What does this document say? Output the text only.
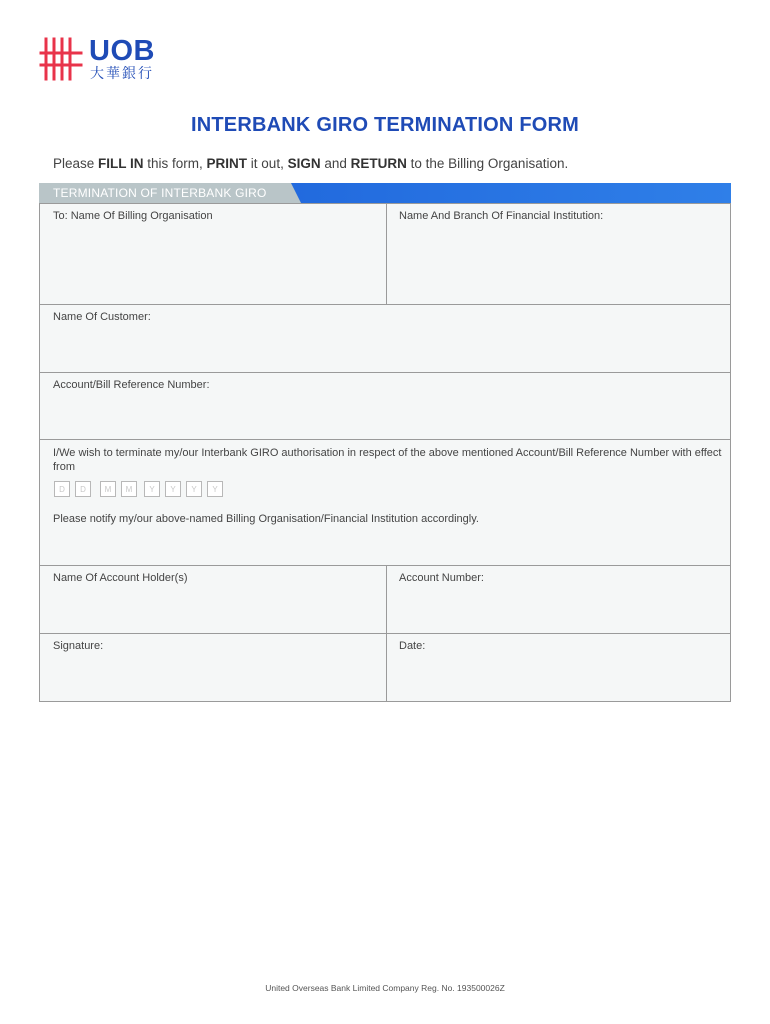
UOB
大華銀行
INTERBANK GIRO TERMINATION FORM
Please FILL IN this form, PRINT it out, SIGN and RETURN to the Billing Organisation.
TERMINATION OF INTERBANK GIRO
To: Name Of Billing Organisation	Name And Branch Of Financial Institution:
Name Of Customer:
Account/Bill Reference Number:
I/We wish to terminate my/our Interbank GIRO authorisation in respect of the above mentioned Account/Bill Reference Number with effect from
D	D	M	M	Y	Y	Y	Y
Please notify my/our above-named Billing Organisation/Financial Institution accordingly.
Name Of Account Holder(s)	Account Number:
Signature:	Date:
United Overseas Bank Limited Company Reg. No. 193500026Z
